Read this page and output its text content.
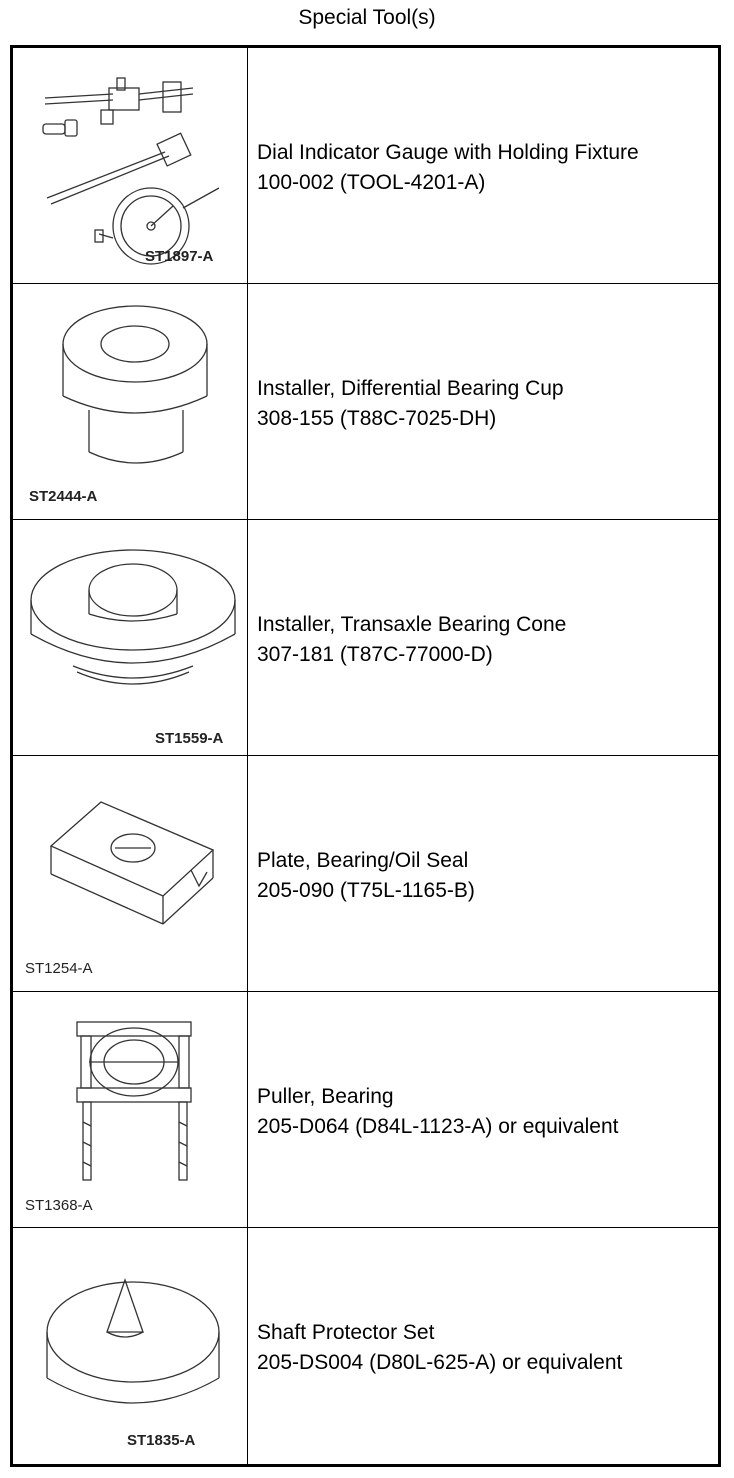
Special Tool(s)
ST1897-A
Dial Indicator Gauge with Holding Fixture
100-002 (TOOL-4201-A)
ST2444-A
Installer, Differential Bearing Cup
308-155 (T88C-7025-DH)
ST1559-A
Installer, Transaxle Bearing Cone
307-181 (T87C-77000-D)
ST1254-A
Plate, Bearing/Oil Seal
205-090 (T75L-1165-B)
ST1368-A
Puller, Bearing
205-D064 (D84L-1123-A) or equivalent
ST1835-A
Shaft Protector Set
205-DS004 (D80L-625-A) or equivalent
